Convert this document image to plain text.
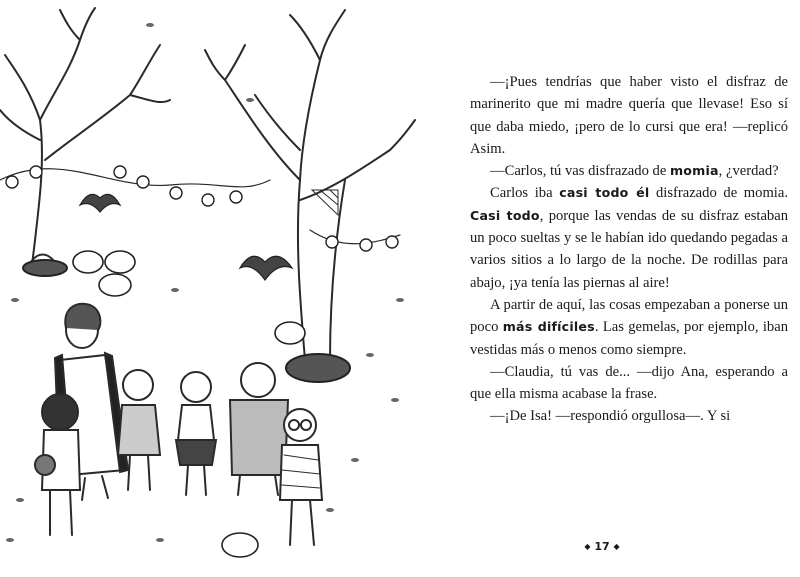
—¡Pues tendrías que haber visto el disfraz de marinerito que mi madre quería que llevase! Eso sí que daba miedo, ¡pero de lo cursi que era! —replicó Asim.

—Carlos, tú vas disfrazado de momia, ¿verdad?

Carlos iba casi todo él disfrazado de momia. Casi todo, porque las vendas de su disfraz estaban un poco sueltas y se le habían ido quedando pegadas a varios sitios a lo largo de la noche. De rodillas para abajo, ¡ya tenía las piernas al aire!

A partir de aquí, las cosas empezaban a ponerse un poco más difíciles. Las gemelas, por ejemplo, iban vestidas más o menos como siempre.

—Claudia, tú vas de... —dijo Ana, esperando a que ella misma acabase la frase.

—¡De Isa! —respondió orgullosa—. Y si

◆ 17 ◆
